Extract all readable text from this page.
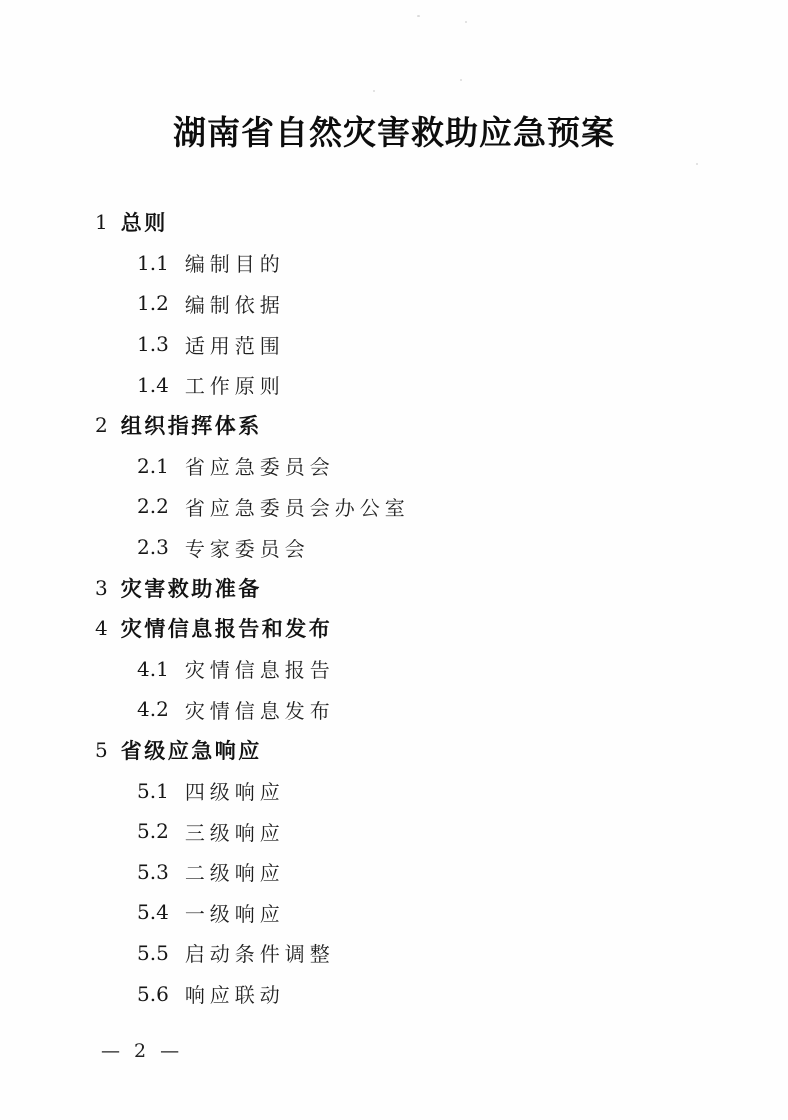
湖南省自然灾害救助应急预案
1 总则
1.1 编制目的
1.2 编制依据
1.3 适用范围
1.4 工作原则
2 组织指挥体系
2.1 省应急委员会
2.2 省应急委员会办公室
2.3 专家委员会
3 灾害救助准备
4 灾情信息报告和发布
4.1 灾情信息报告
4.2 灾情信息发布
5 省级应急响应
5.1 四级响应
5.2 三级响应
5.3 二级响应
5.4 一级响应
5.5 启动条件调整
5.6 响应联动
— 2 —
